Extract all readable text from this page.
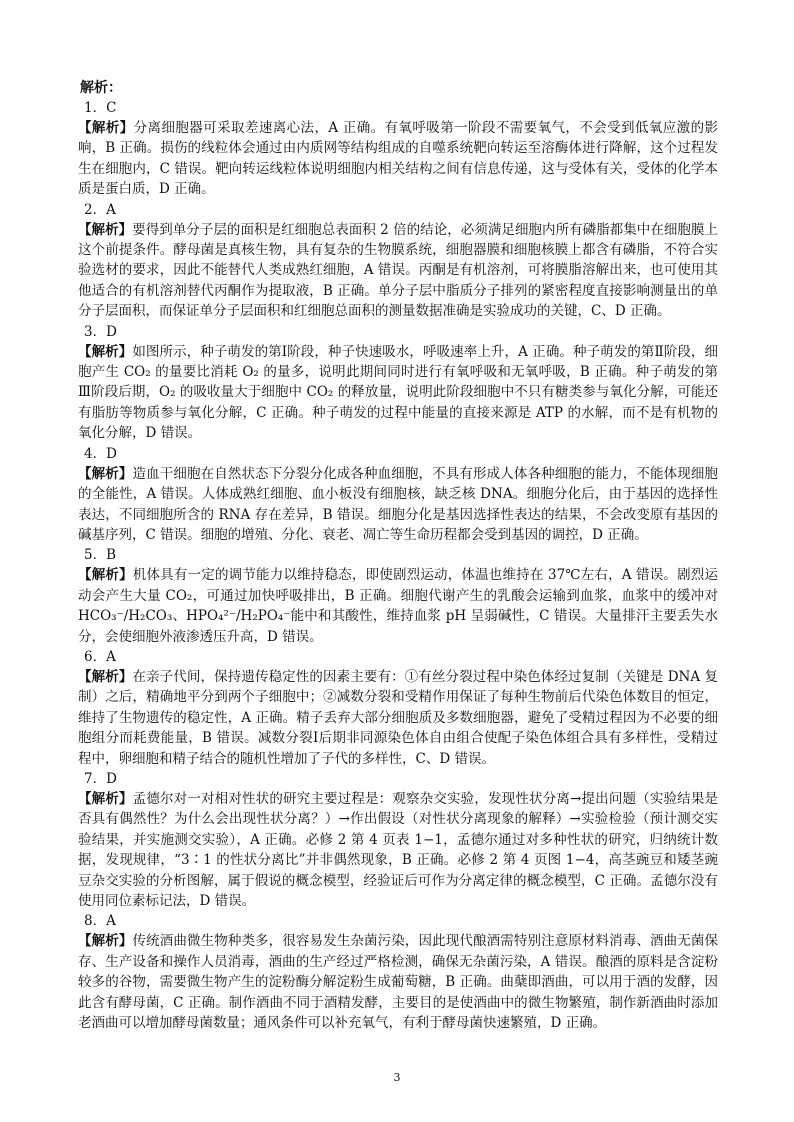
解析：
1．C
【解析】分离细胞器可采取差速离心法，A 正确。有氧呼吸第一阶段不需要氧气，不会受到低氧应激的影响，B 正确。损伤的线粒体会通过由内质网等结构组成的自噬系统靶向转运至溶酶体进行降解，这个过程发生在细胞内，C 错误。靶向转运线粒体说明细胞内相关结构之间有信息传递，这与受体有关，受体的化学本质是蛋白质，D 正确。
2．A
【解析】要得到单分子层的面积是红细胞总表面积 2 倍的结论，必须满足细胞内所有磷脂都集中在细胞膜上这个前提条件。酵母菌是真核生物，具有复杂的生物膜系统，细胞器膜和细胞核膜上都含有磷脂，不符合实验选材的要求，因此不能替代人类成熟红细胞，A 错误。丙酮是有机溶剂，可将膜脂溶解出来，也可使用其他适合的有机溶剂替代丙酮作为提取液，B 正确。单分子层中脂质分子排列的紧密程度直接影响测量出的单分子层面积，而保证单分子层面积和红细胞总面积的测量数据准确是实验成功的关键，C、D 正确。
3．D
【解析】如图所示，种子萌发的第Ⅰ阶段，种子快速吸水，呼吸速率上升，A 正确。种子萌发的第Ⅱ阶段，细胞产生 CO₂ 的量要比消耗 O₂ 的量多，说明此期间同时进行有氧呼吸和无氧呼吸，B 正确。种子萌发的第Ⅲ阶段后期，O₂ 的吸收量大于细胞中 CO₂ 的释放量，说明此阶段细胞中不只有糖类参与氧化分解，可能还有脂肪等物质参与氧化分解，C 正确。种子萌发的过程中能量的直接来源是 ATP 的水解，而不是有机物的氧化分解，D 错误。
4．D
【解析】造血干细胞在自然状态下分裂分化成各种血细胞，不具有形成人体各种细胞的能力，不能体现细胞的全能性，A 错误。人体成熟红细胞、血小板没有细胞核，缺乏核 DNA。细胞分化后，由于基因的选择性表达，不同细胞所含的 RNA 存在差异，B 错误。细胞分化是基因选择性表达的结果，不会改变原有基因的碱基序列，C 错误。细胞的增殖、分化、衰老、凋亡等生命历程都会受到基因的调控，D 正确。
5．B
【解析】机体具有一定的调节能力以维持稳态，即使剧烈运动，体温也维持在 37℃左右，A 错误。剧烈运动会产生大量 CO₂，可通过加快呼吸排出，B 正确。细胞代谢产生的乳酸会运输到血浆，血浆中的缓冲对 HCO₃⁻/H₂CO₃、HPO₄²⁻/H₂PO₄⁻能中和其酸性，维持血浆 pH 呈弱碱性，C 错误。大量排汗主要丢失水分，会使细胞外液渗透压升高，D 错误。
6．A
【解析】在亲子代间，保持遗传稳定性的因素主要有：①有丝分裂过程中染色体经过复制（关键是 DNA 复制）之后，精确地平分到两个子细胞中；②减数分裂和受精作用保证了每种生物前后代染色体数目的恒定，维持了生物遗传的稳定性，A 正确。精子丢弃大部分细胞质及多数细胞器，避免了受精过程因为不必要的细胞组分而耗费能量，B 错误。减数分裂Ⅰ后期非同源染色体自由组合使配子染色体组合具有多样性，受精过程中，卵细胞和精子结合的随机性增加了子代的多样性，C、D 错误。
7．D
【解析】孟德尔对一对相对性状的研究主要过程是：观察杂交实验，发现性状分离→提出问题（实验结果是否具有偶然性？为什么会出现性状分离？）→作出假设（对性状分离现象的解释）→实验检验（预计测交实验结果，并实施测交实验），A 正确。必修 2 第 4 页表 1−1，孟德尔通过对多种性状的研究，归纳统计数据，发现规律，“3∶1 的性状分离比”并非偶然现象，B 正确。必修 2 第 4 页图 1−4，高茎豌豆和矮茎豌豆杂交实验的分析图解，属于假说的概念模型，经验证后可作为分离定律的概念模型，C 正确。孟德尔没有使用同位素标记法，D 错误。
8．A
【解析】传统酒曲微生物种类多，很容易发生杂菌污染，因此现代酿酒需特别注意原材料消毒、酒曲无菌保存、生产设备和操作人员消毒，酒曲的生产经过严格检测，确保无杂菌污染，A 错误。酿酒的原料是含淀粉较多的谷物，需要微生物产生的淀粉酶分解淀粉生成葡萄糖，B 正确。曲蘖即酒曲，可以用于酒的发酵，因此含有酵母菌，C 正确。制作酒曲不同于酒精发酵，主要目的是使酒曲中的微生物繁殖，制作新酒曲时添加老酒曲可以增加酵母菌数量；通风条件可以补充氧气，有利于酵母菌快速繁殖，D 正确。
3
